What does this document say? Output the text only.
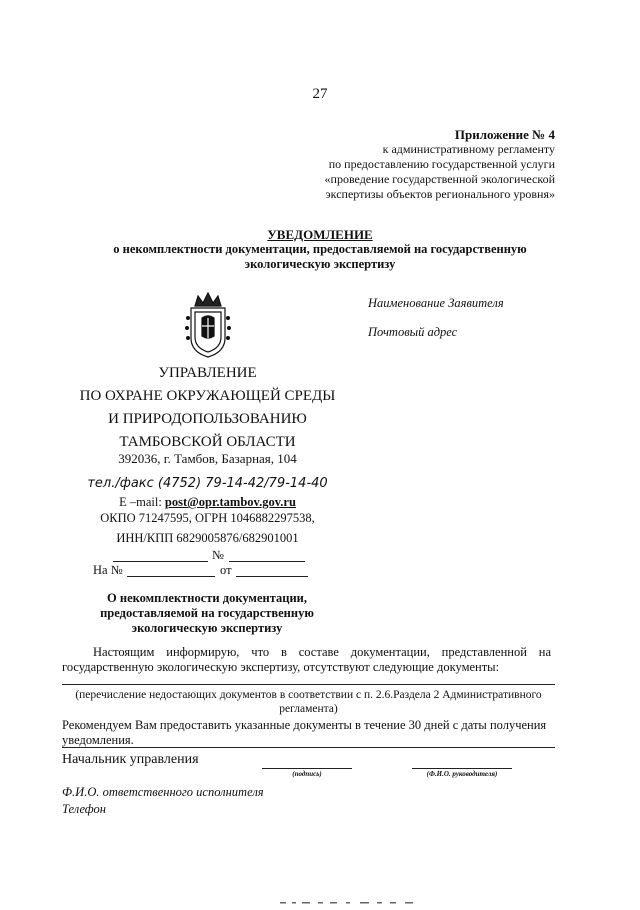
27
Приложение № 4
к административному регламенту
по предоставлению государственной услуги
«проведение государственной экологической
экспертизы объектов регионального уровня»
УВЕДОМЛЕНИЕ
о некомплектности документации, предоставляемой на государственную
экологическую экспертизу
Наименование Заявителя
Почтовый адрес
УПРАВЛЕНИЕ
ПО ОХРАНЕ ОКРУЖАЮЩЕЙ СРЕДЫ
И ПРИРОДОПОЛЬЗОВАНИЮ
ТАМБОВСКОЙ ОБЛАСТИ
392036, г. Тамбов, Базарная, 104
тел./факс (4752) 79-14-42/79-14-40
E –mail: post@opr.tambov.gov.ru
ОКПО 71247595, ОГРН 1046882297538,
ИНН/КПП 6829005876/682901001
№
На №	от
О некомплектности документации,
предоставляемой на государственную
экологическую экспертизу
Настоящим информирую, что в составе документации, представленной на
государственную экологическую экспертизу, отсутствуют следующие документы:
(перечисление недостающих документов в соответствии с п. 2.6.Раздела 2 Административного
регламента)
Рекомендуем Вам предоставить указанные документы в течение 30 дней с даты получения
уведомления.
Начальник управления
(подпись)	(Ф.И.О. руководителя)
Ф.И.О. ответственного исполнителя
Телефон
